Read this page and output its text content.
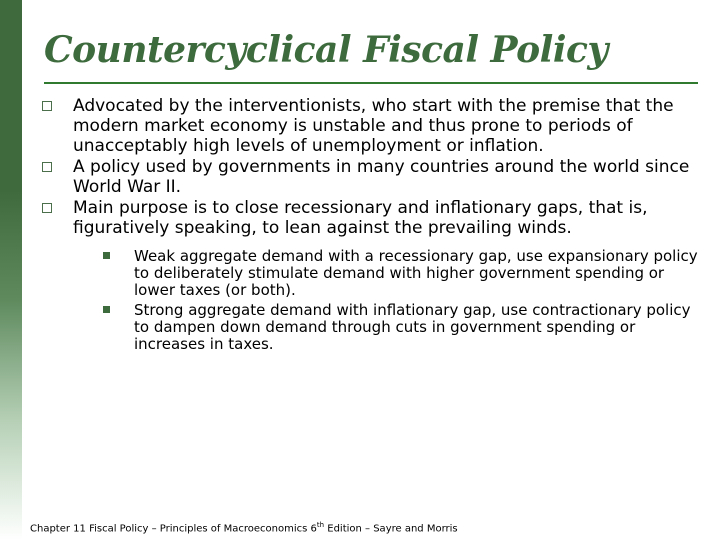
Countercyclical Fiscal Policy
Advocated by the interventionists, who start with the premise that the modern market economy is unstable and thus prone to periods of unacceptably high levels of unemployment or inflation.
A policy used by governments in many countries around the world since World War II.
Main purpose is to close recessionary and inflationary gaps, that is, figuratively speaking, to lean against the prevailing winds.
Weak aggregate demand with a recessionary gap, use expansionary policy to deliberately stimulate demand with higher government spending or lower taxes (or both).
Strong aggregate demand with inflationary gap, use contractionary policy to dampen down demand through cuts in government spending or increases in taxes.
Chapter 11 Fiscal Policy – Principles of Macroeconomics 6th Edition – Sayre and Morris
